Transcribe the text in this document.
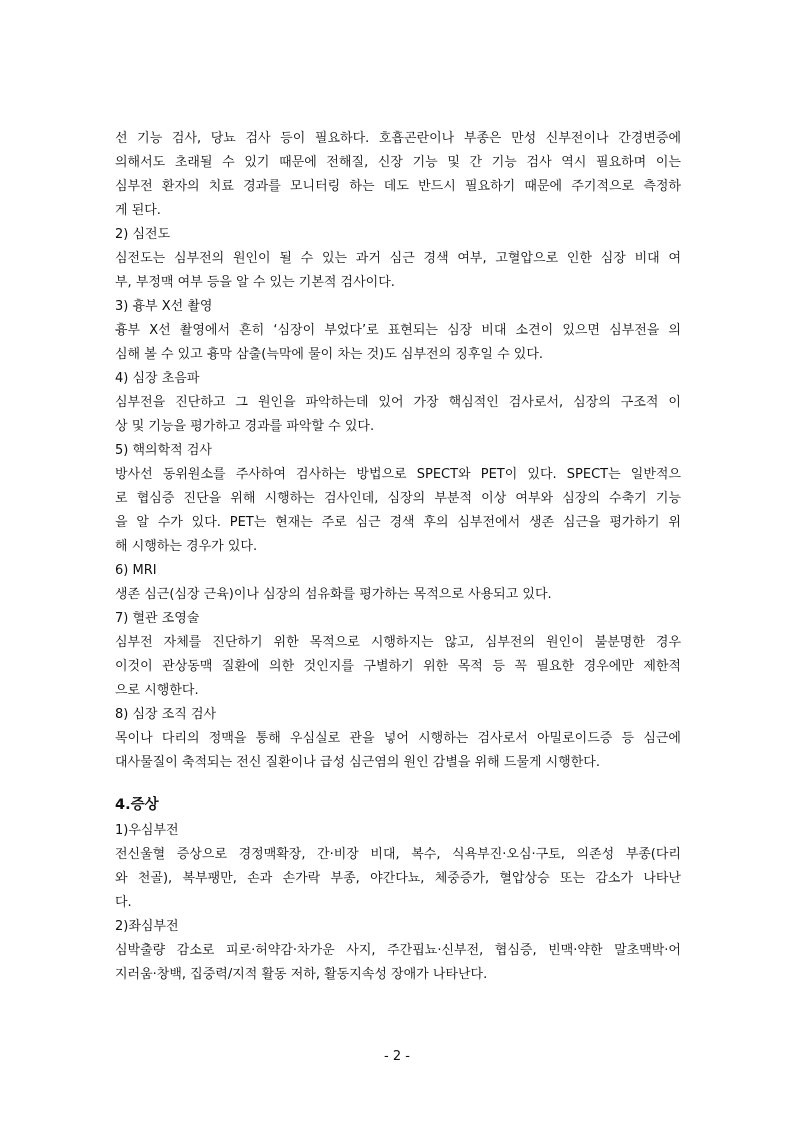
선 기능 검사, 당뇨 검사 등이 필요하다. 호흡곤란이나 부종은 만성 신부전이나 간경변증에

의해서도 초래될 수 있기 때문에 전해질, 신장 기능 및 간 기능 검사 역시 필요하며 이는

심부전 환자의 치료 경과를 모니터링 하는 데도 반드시 필요하기 때문에 주기적으로 측정하

게 된다.

2) 심전도

심전도는 심부전의 원인이 될 수 있는 과거 심근 경색 여부, 고혈압으로 인한 심장 비대 여

부, 부정맥 여부 등을 알 수 있는 기본적 검사이다.

3) 흉부 X선 촬영

흉부 X선 촬영에서 흔히 ‘심장이 부었다’로 표현되는 심장 비대 소견이 있으면 심부전을 의

심해 볼 수 있고 흉막 삼출(늑막에 물이 차는 것)도 심부전의 징후일 수 있다.

4) 심장 초음파

심부전을 진단하고 그 원인을 파악하는데 있어 가장 핵심적인 검사로서, 심장의 구조적 이

상 및 기능을 평가하고 경과를 파악할 수 있다.

5) 핵의학적 검사

방사선 동위원소를 주사하여 검사하는 방법으로 SPECT와 PET이 있다. SPECT는 일반적으

로 협심증 진단을 위해 시행하는 검사인데, 심장의 부분적 이상 여부와 심장의 수축기 기능

을 알 수가 있다. PET는 현재는 주로 심근 경색 후의 심부전에서 생존 심근을 평가하기 위

해 시행하는 경우가 있다.

6) MRI

생존 심근(심장 근육)이나 심장의 섬유화를 평가하는 목적으로 사용되고 있다.

7) 혈관 조영술

심부전 자체를 진단하기 위한 목적으로 시행하지는 않고, 심부전의 원인이 불분명한 경우

이것이 관상동맥 질환에 의한 것인지를 구별하기 위한 목적 등 꼭 필요한 경우에만 제한적

으로 시행한다.

8) 심장 조직 검사

목이나 다리의 정맥을 통해 우심실로 관을 넣어 시행하는 검사로서 아밀로이드증 등 심근에

대사물질이 축적되는 전신 질환이나 급성 심근염의 원인 감별을 위해 드물게 시행한다.

4.증상

1)우심부전

전신울혈 증상으로 경정맥확장, 간·비장 비대, 복수, 식욕부진·오심·구토, 의존성 부종(다리

와 천골), 복부팽만, 손과 손가락 부종, 야간다뇨, 체중증가, 혈압상승 또는 감소가 나타난

다.

2)좌심부전

심박출량 감소로 피로·허약감·차가운 사지, 주간핍뇨·신부전, 협심증, 빈맥·약한 말초맥박·어

지러움·창백, 집중력/지적 활동 저하, 활동지속성 장애가 나타난다.

- 2 -
